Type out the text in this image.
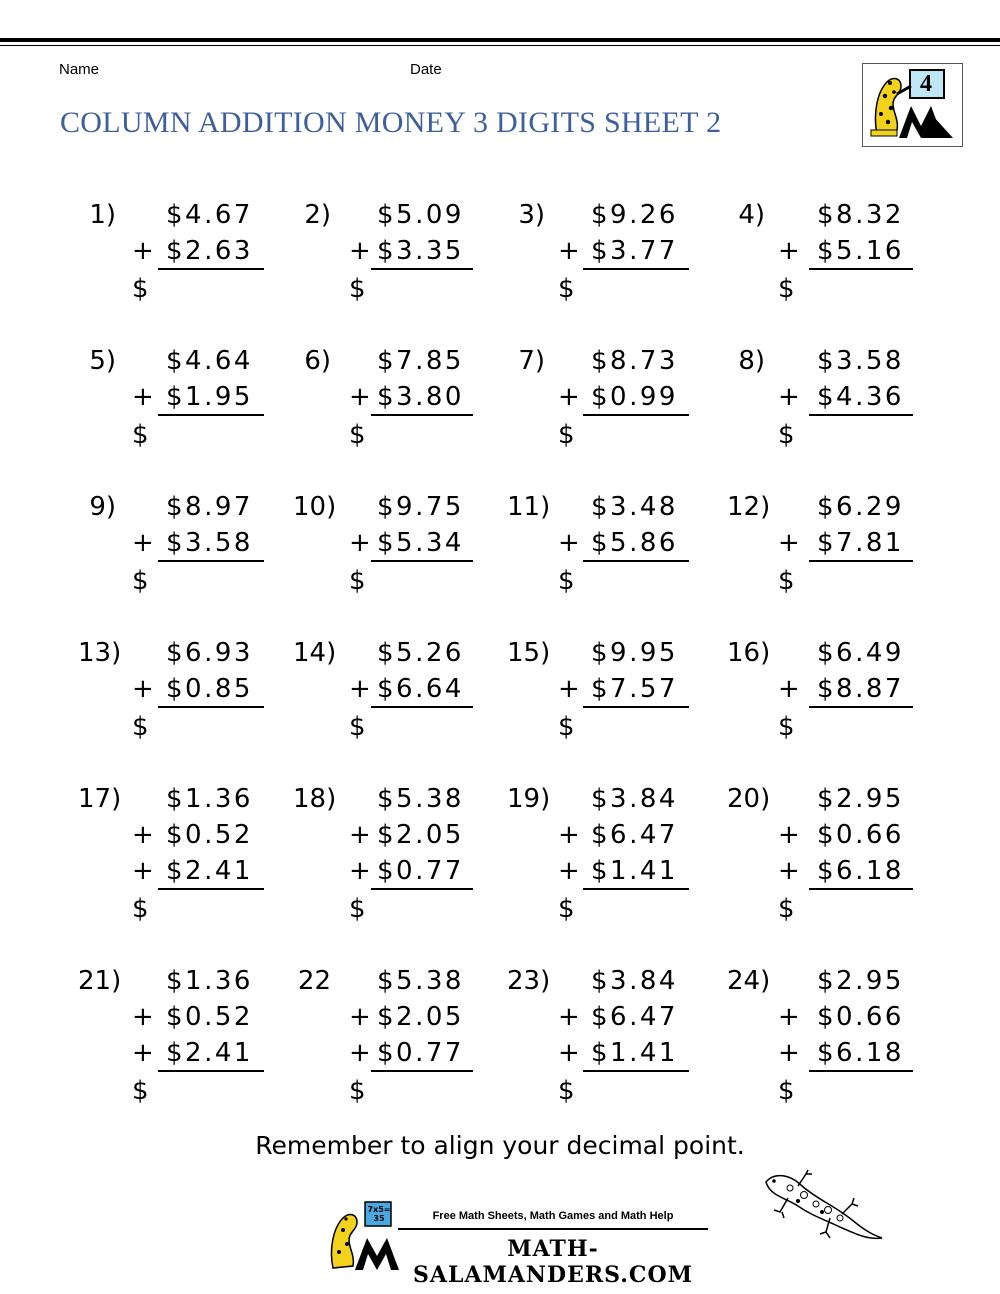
Name	Date
COLUMN ADDITION MONEY 3 DIGITS SHEET 2
4
1) $4.67
+ $2.63
$
2) $5.09
+ $3.35
$
3) $9.26
+ $3.77
$
4) $8.32
+ $5.16
$
5) $4.64
+ $1.95
$
6) $7.85
+ $3.80
$
7) $8.73
+ $0.99
$
8) $3.58
+ $4.36
$
9) $8.97
+ $3.58
$
10) $9.75
+ $5.34
$
11) $3.48
+ $5.86
$
12) $6.29
+ $7.81
$
13) $6.93
+ $0.85
$
14) $5.26
+ $6.64
$
15) $9.95
+ $7.57
$
16) $6.49
+ $8.87
$
17) $1.36
+ $0.52
+ $2.41
$
18) $5.38
+ $2.05
+ $0.77
$
19) $3.84
+ $6.47
+ $1.41
$
20) $2.95
+ $0.66
+ $6.18
$
21) $1.36
+ $0.52
+ $2.41
$
22 $5.38
+ $2.05
+ $0.77
$
23) $3.84
+ $6.47
+ $1.41
$
24) $2.95
+ $0.66
+ $6.18
$
Remember to align your decimal point.
7x5=35	Free Math Sheets, Math Games and Math Help
MATH-SALAMANDERS.COM
